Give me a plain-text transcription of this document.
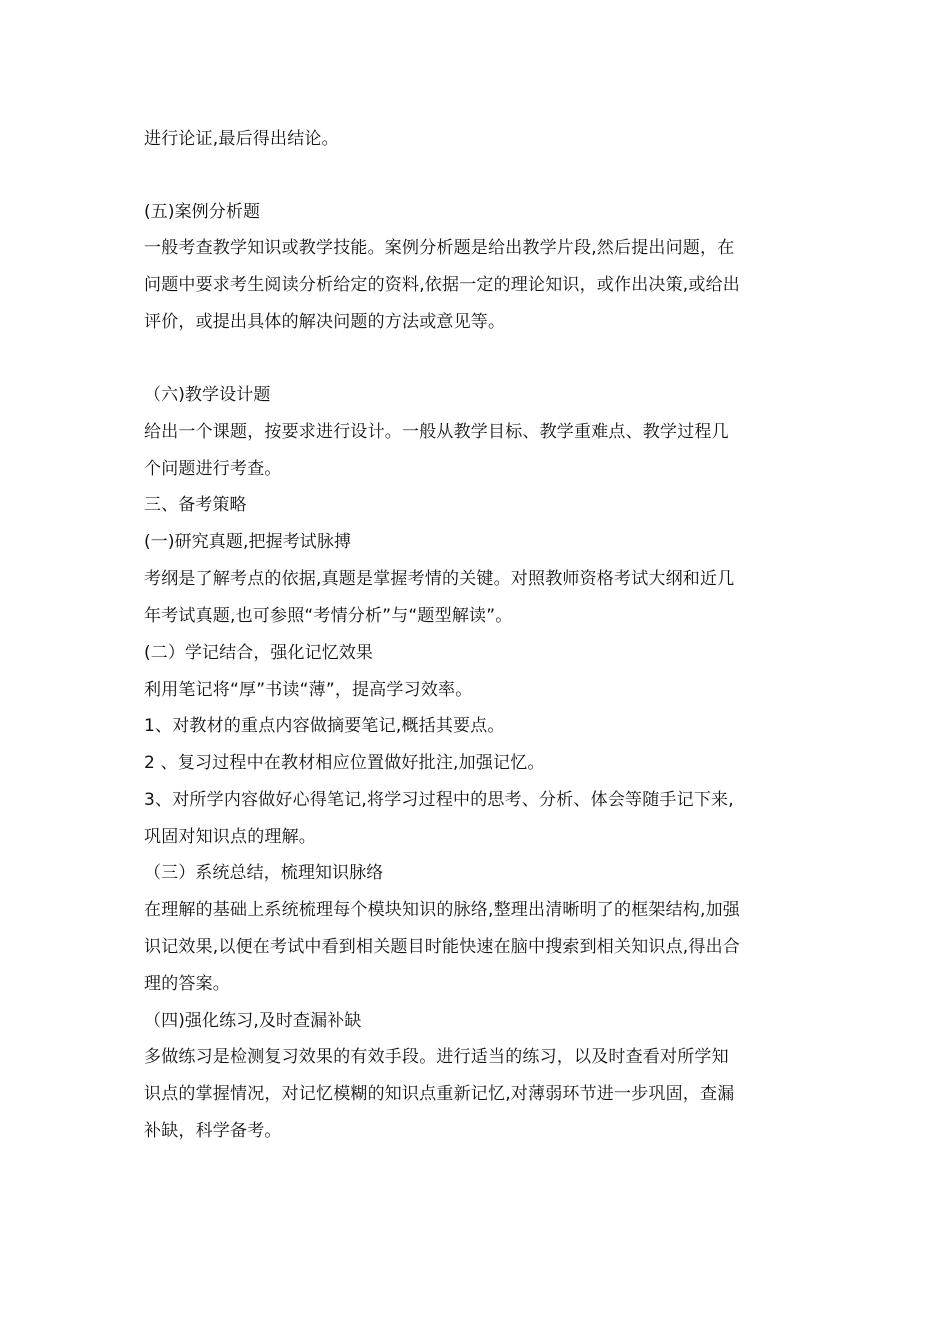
进行论证,最后得出结论。
(五)案例分析题
一般考查教学知识或教学技能。案例分析题是给出教学片段,然后提出问题，在
问题中要求考生阅读分析给定的资料,依据一定的理论知识，或作出决策,或给出
评价，或提出具体的解决问题的方法或意见等。
（六)教学设计题
给出一个课题，按要求进行设计。一般从教学目标、教学重难点、教学过程几
个问题进行考查。
三、备考策略
(一)研究真题,把握考试脉搏
考纲是了解考点的依据,真题是掌握考情的关键。对照教师资格考试大纲和近几
年考试真题,也可参照“考情分析”与“题型解读”。
(二）学记结合，强化记忆效果
利用笔记将“厚”书读“薄”，提高学习效率。
1、对教材的重点内容做摘要笔记,概括其要点。
2 、复习过程中在教材相应位置做好批注,加强记忆。
3、对所学内容做好心得笔记,将学习过程中的思考、分析、体会等随手记下来,
巩固对知识点的理解。
（三）系统总结，梳理知识脉络
在理解的基础上系统梳理每个模块知识的脉络,整理出清晰明了的框架结构,加强
识记效果,以便在考试中看到相关题目时能快速在脑中搜索到相关知识点,得出合
理的答案。
（四)强化练习,及时查漏补缺
多做练习是检测复习效果的有效手段。进行适当的练习，以及时查看对所学知
识点的掌握情况，对记忆模糊的知识点重新记忆,对薄弱环节进一步巩固，查漏
补缺，科学备考。
